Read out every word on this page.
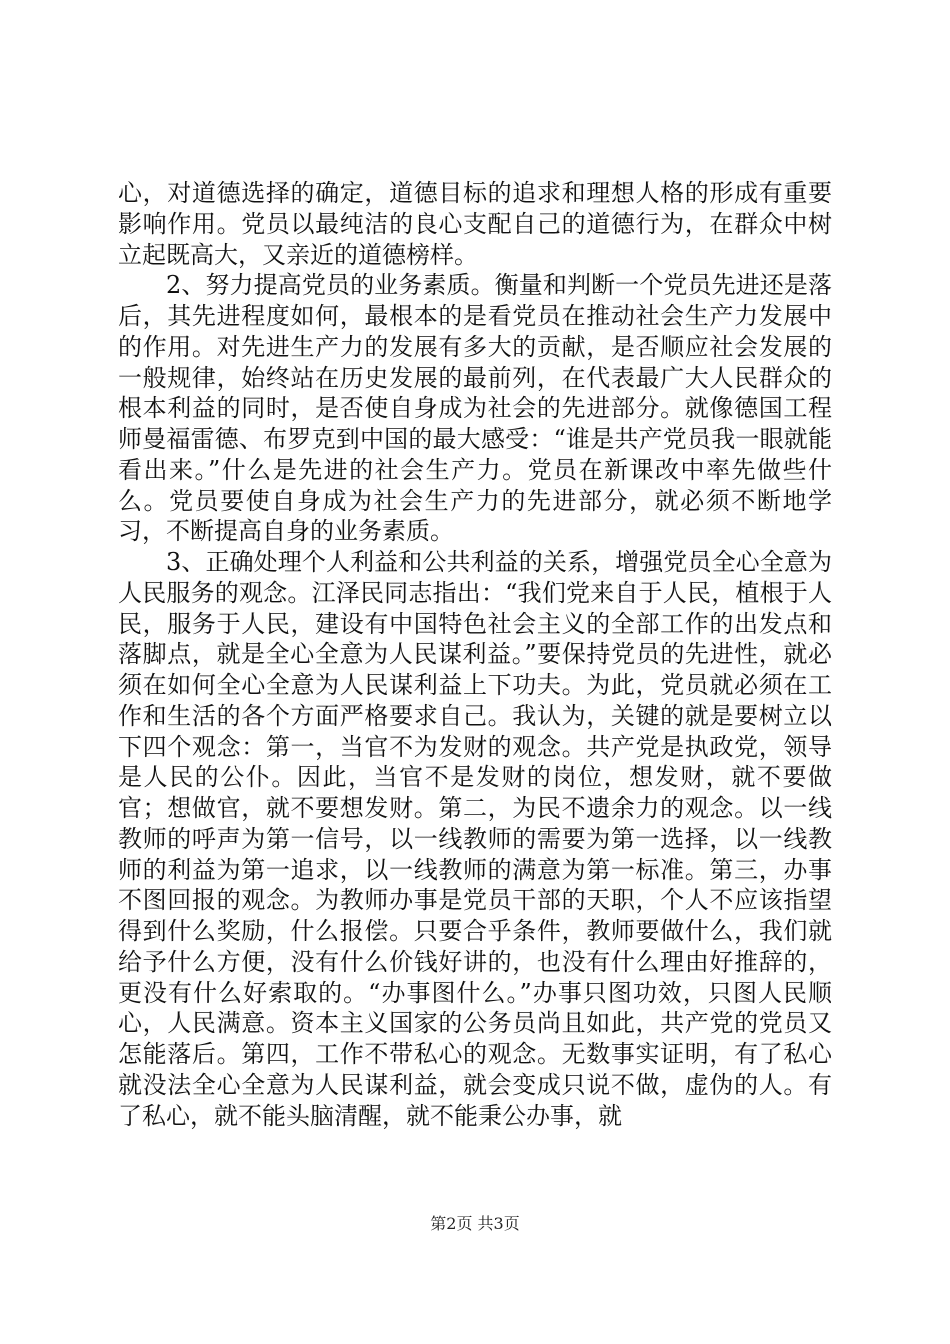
心，对道德选择的确定，道德目标的追求和理想人格的形成有重要影响作用。党员以最纯洁的良心支配自己的道德行为，在群众中树立起既高大，又亲近的道德榜样。

2、努力提高党员的业务素质。衡量和判断一个党员先进还是落后，其先进程度如何，最根本的是看党员在推动社会生产力发展中的作用。对先进生产力的发展有多大的贡献，是否顺应社会发展的一般规律，始终站在历史发展的最前列，在代表最广大人民群众的根本利益的同时，是否使自身成为社会的先进部分。就像德国工程师曼福雷德、布罗克到中国的最大感受：“谁是共产党员我一眼就能看出来。”什么是先进的社会生产力。党员在新课改中率先做些什么。党员要使自身成为社会生产力的先进部分，就必须不断地学习，不断提高自身的业务素质。

3、正确处理个人利益和公共利益的关系，增强党员全心全意为人民服务的观念。江泽民同志指出：“我们党来自于人民，植根于人民，服务于人民，建设有中国特色社会主义的全部工作的出发点和落脚点，就是全心全意为人民谋利益。”要保持党员的先进性，就必须在如何全心全意为人民谋利益上下功夫。为此，党员就必须在工作和生活的各个方面严格要求自己。我认为，关键的就是要树立以下四个观念：第一，当官不为发财的观念。共产党是执政党，领导是人民的公仆。因此，当官不是发财的岗位，想发财，就不要做官；想做官，就不要想发财。第二，为民不遗余力的观念。以一线教师的呼声为第一信号，以一线教师的需要为第一选择，以一线教师的利益为第一追求，以一线教师的满意为第一标准。第三，办事不图回报的观念。为教师办事是党员干部的天职，个人不应该指望得到什么奖励，什么报偿。只要合乎条件，教师要做什么，我们就给予什么方便，没有什么价钱好讲的，也没有什么理由好推辞的，更没有什么好索取的。“办事图什么。”办事只图功效，只图人民顺心，人民满意。资本主义国家的公务员尚且如此，共产党的党员又怎能落后。第四，工作不带私心的观念。无数事实证明，有了私心就没法全心全意为人民谋利益，就会变成只说不做，虚伪的人。有了私心，就不能头脑清醒，就不能秉公办事，就

第2页 共3页
